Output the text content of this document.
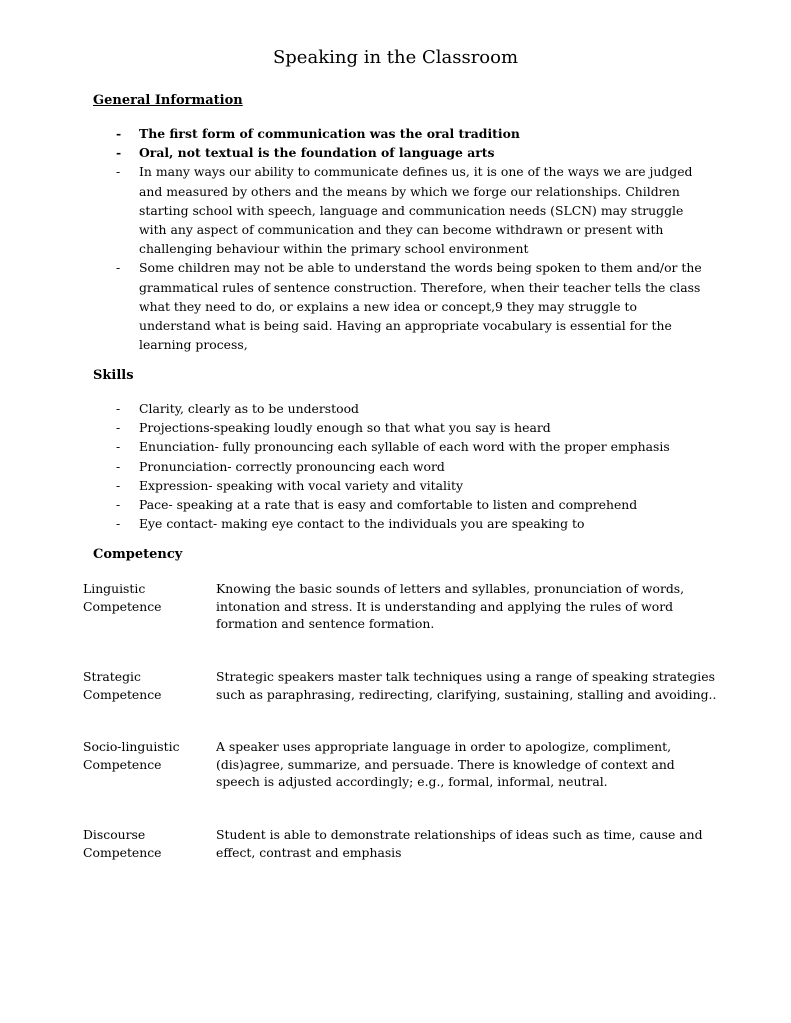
Speaking in the Classroom
General Information
- The first form of communication was the oral tradition
- Oral, not textual is the foundation of language arts
- In many ways our ability to communicate defines us, it is one of the ways we are judged and measured by others and the means by which we forge our relationships. Children starting school with speech, language and communication needs (SLCN) may struggle with any aspect of communication and they can become withdrawn or present with challenging behaviour within the primary school environment
- Some children may not be able to understand the words being spoken to them and/or the grammatical rules of sentence construction. Therefore, when their teacher tells the class what they need to do, or explains a new idea or concept,9 they may struggle to understand what is being said. Having an appropriate vocabulary is essential for the learning process,
Skills
- Clarity, clearly as to be understood
- Projections-speaking loudly enough so that what you say is heard
- Enunciation- fully pronouncing each syllable of each word with the proper emphasis
- Pronunciation- correctly pronouncing each word
- Expression- speaking with vocal variety and vitality
- Pace- speaking at a rate that is easy and comfortable to listen and comprehend
- Eye contact- making eye contact to the individuals you are speaking to
Competency
Linguistic Competence
Knowing the basic sounds of letters and syllables, pronunciation of words, intonation and stress. It is understanding and applying the rules of word formation and sentence formation.
Strategic Competence
Strategic speakers master talk techniques using a range of speaking strategies such as paraphrasing, redirecting, clarifying, sustaining, stalling and avoiding..
Socio-linguistic Competence
A speaker uses appropriate language in order to apologize, compliment, (dis)agree, summarize, and persuade. There is knowledge of context and speech is adjusted accordingly; e.g., formal, informal, neutral.
Discourse Competence
Student is able to demonstrate relationships of ideas such as time, cause and effect, contrast and emphasis
